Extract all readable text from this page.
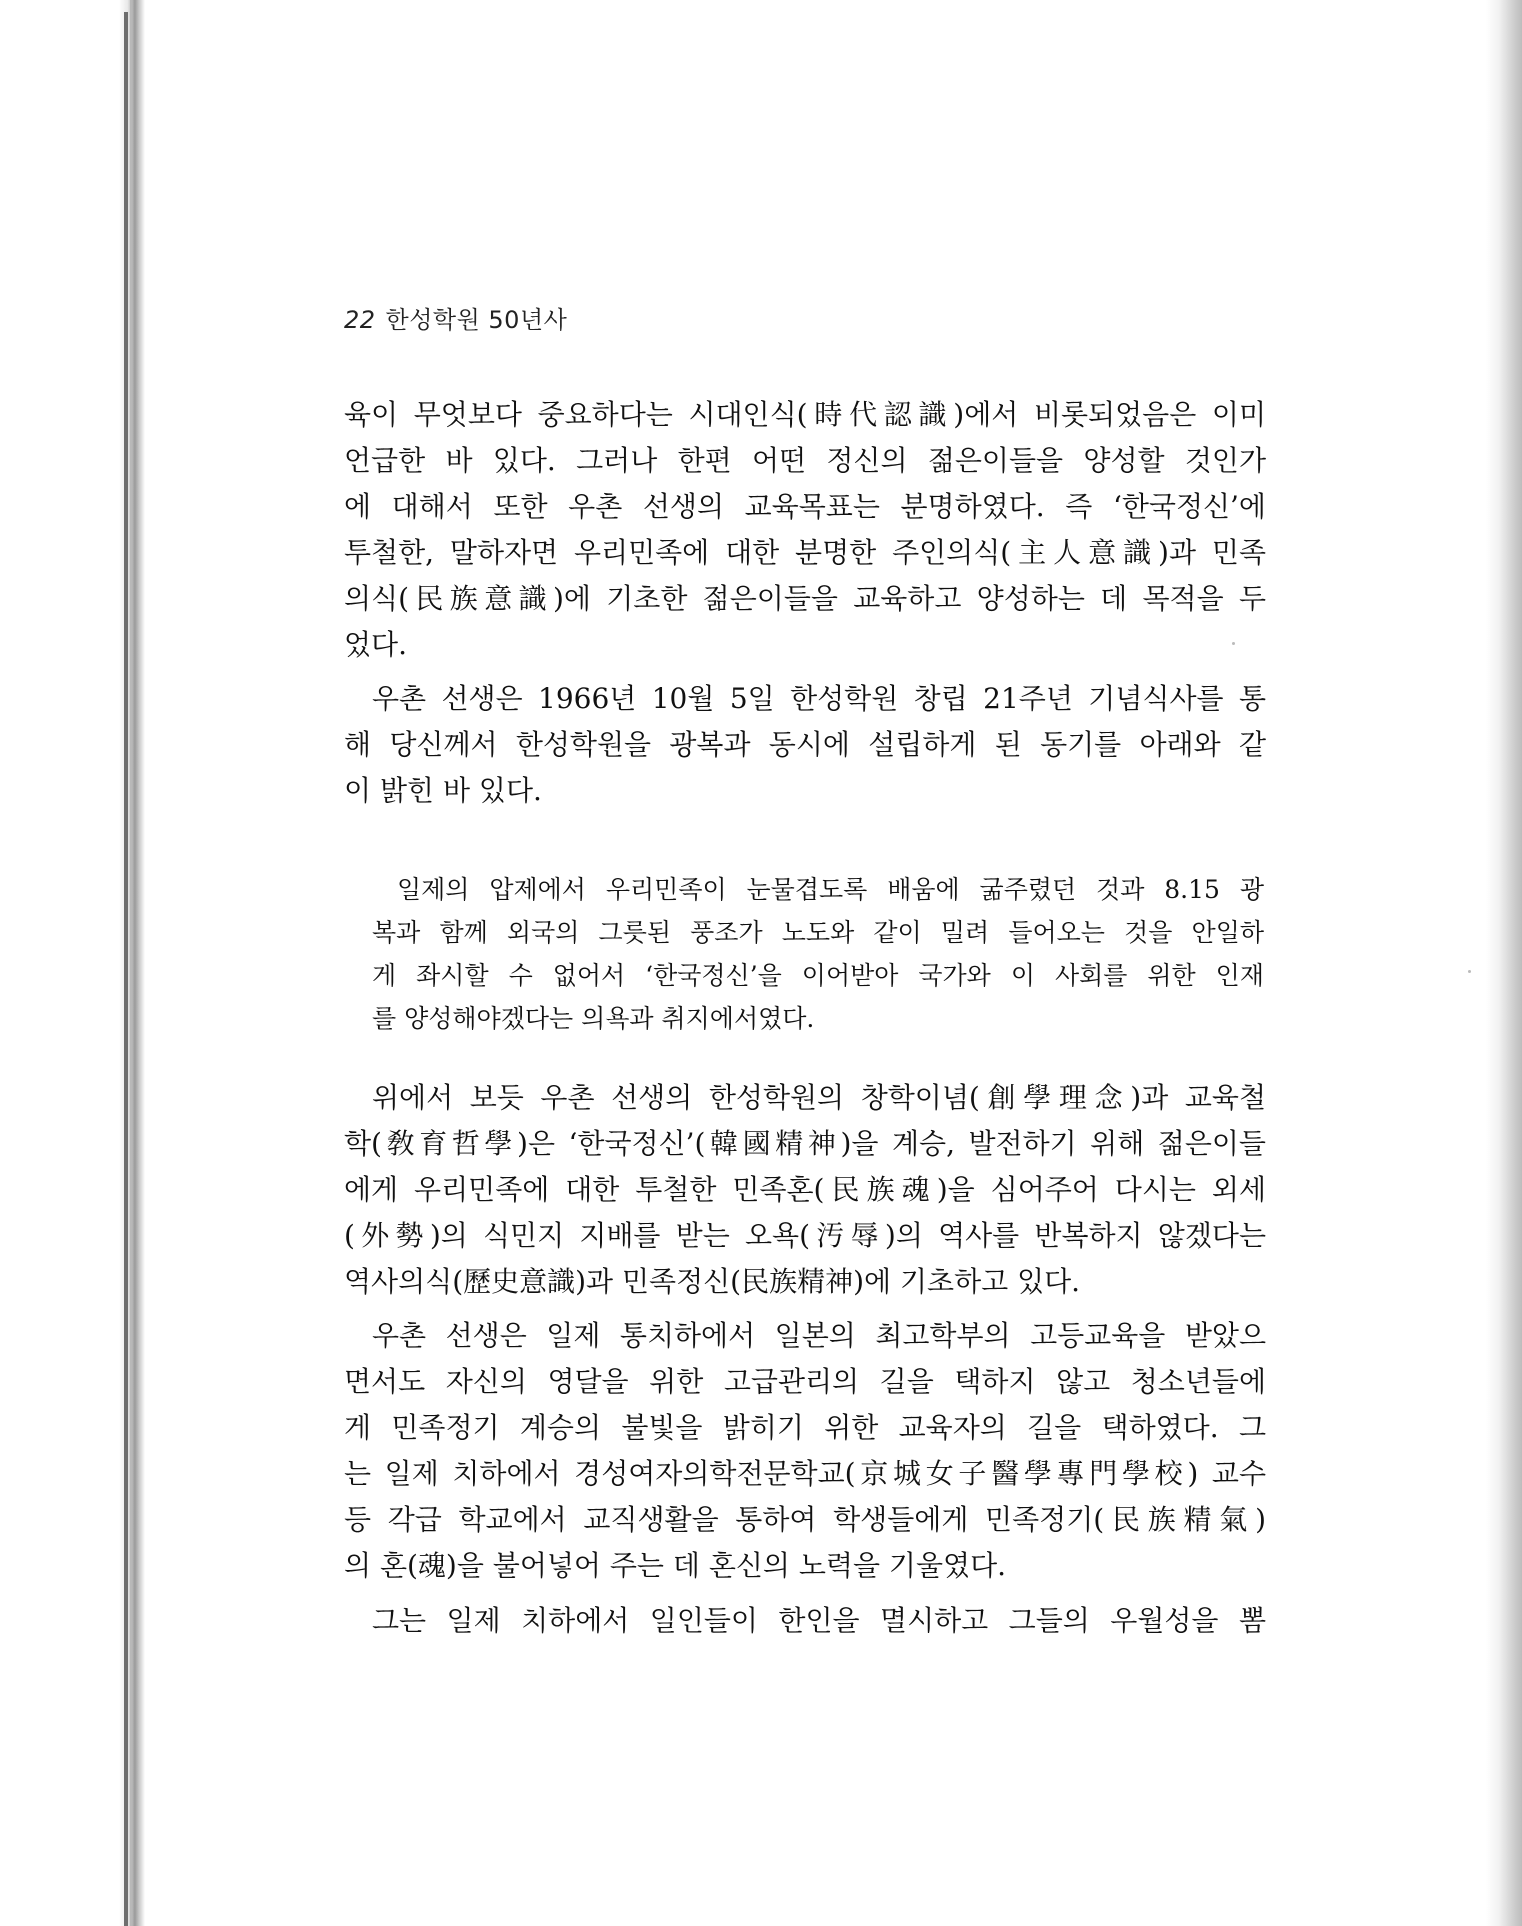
22 한성학원 50년사
육이 무엇보다 중요하다는 시대인식(時代認識)에서 비롯되었음은 이미
언급한 바 있다. 그러나 한편 어떤 정신의 젊은이들을 양성할 것인가
에 대해서 또한 우촌 선생의 교육목표는 분명하였다. 즉 ‘한국정신’에
투철한, 말하자면 우리민족에 대한 분명한 주인의식(主人意識)과 민족
의식(民族意識)에 기초한 젊은이들을 교육하고 양성하는 데 목적을 두
었다.
우촌 선생은 1966년 10월 5일 한성학원 창립 21주년 기념식사를 통
해 당신께서 한성학원을 광복과 동시에 설립하게 된 동기를 아래와 같
이 밝힌 바 있다.
일제의 압제에서 우리민족이 눈물겹도록 배움에 굶주렸던 것과 8.15 광
복과 함께 외국의 그릇된 풍조가 노도와 같이 밀려 들어오는 것을 안일하
게 좌시할 수 없어서 ‘한국정신’을 이어받아 국가와 이 사회를 위한 인재
를 양성해야겠다는 의욕과 취지에서였다.
위에서 보듯 우촌 선생의 한성학원의 창학이념(創學理念)과 교육철
학(敎育哲學)은 ‘한국정신’(韓國精神)을 계승, 발전하기 위해 젊은이들
에게 우리민족에 대한 투철한 민족혼(民族魂)을 심어주어 다시는 외세
(外勢)의 식민지 지배를 받는 오욕(汚辱)의 역사를 반복하지 않겠다는
역사의식(歷史意識)과 민족정신(民族精神)에 기초하고 있다.
우촌 선생은 일제 통치하에서 일본의 최고학부의 고등교육을 받았으
면서도 자신의 영달을 위한 고급관리의 길을 택하지 않고 청소년들에
게 민족정기 계승의 불빛을 밝히기 위한 교육자의 길을 택하였다. 그
는 일제 치하에서 경성여자의학전문학교(京城女子醫學專門學校) 교수
등 각급 학교에서 교직생활을 통하여 학생들에게 민족정기(民族精氣)
의 혼(魂)을 불어넣어 주는 데 혼신의 노력을 기울였다.
그는 일제 치하에서 일인들이 한인을 멸시하고 그들의 우월성을 뽐
